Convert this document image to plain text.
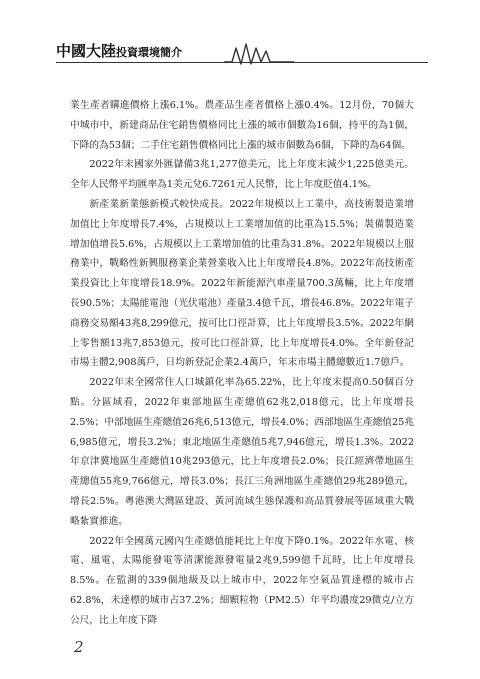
中國大陸投資環境簡介

業生產者購進價格上漲6.1%。農產品生產者價格上漲0.4%。12月份，70個大中城市中，新建商品住宅銷售價格同比上漲的城市個數為16個，持平的為1個，下降的為53個；二手住宅銷售價格同比上漲的城市個數為6個，下降的為64個。

2022年末國家外匯儲備3兆1,277億美元，比上年度末減少1,225億美元。全年人民幣平均匯率為1美元兌6.7261元人民幣，比上年度貶值4.1%。

新產業新業態新模式較快成長。2022年規模以上工業中，高技術製造業增加值比上年度增長7.4%，占規模以上工業增加值的比重為15.5%；裝備製造業增加值增長5.6%，占規模以上工業增加值的比重為31.8%。2022年規模以上服務業中，戰略性新興服務業企業營業收入比上年度增長4.8%。2022年高技術產業投資比上年度增長18.9%。2022年新能源汽車產量700.3萬輛，比上年度增長90.5%；太陽能電池（光伏電池）產量3.4億千瓦，增長46.8%。2022年電子商務交易額43兆8,299億元，按可比口徑計算，比上年度增長3.5%。2022年網上零售額13兆7,853億元，按可比口徑計算，比上年度增長4.0%。全年新登記市場主體2,908萬戶，日均新登記企業2.4萬戶，年末市場主體總數近1.7億戶。

2022年末全國常住人口城鎮化率為65.22%，比上年度末提高0.50個百分點。分區域看，2022年東部地區生產總值62兆2,018億元，比上年度增長2.5%；中部地區生產總值26兆6,513億元，增長4.0%；西部地區生產總值25兆6,985億元，增長3.2%；東北地區生產總值5兆7,946億元，增長1.3%。2022年京津冀地區生產總值10兆293億元，比上年度增長2.0%；長江經濟帶地區生產總值55兆9,766億元，增長3.0%；長江三角洲地區生產總值29兆289億元，增長2.5%。粵港澳大灣區建設、黃河流域生態保護和高品質發展等區域重大戰略紮實推進。

2022年全國萬元國內生產總值能耗比上年度下降0.1%。2022年水電、核電、風電、太陽能發電等清潔能源發電量2兆9,599億千瓦時，比上年度增長8.5%。在監測的339個地級及以上城市中，2022年空氣品質達標的城市占62.8%，未達標的城市占37.2%；細顆粒物（PM2.5）年平均濃度29微克/立方公尺，比上年度下降

2
